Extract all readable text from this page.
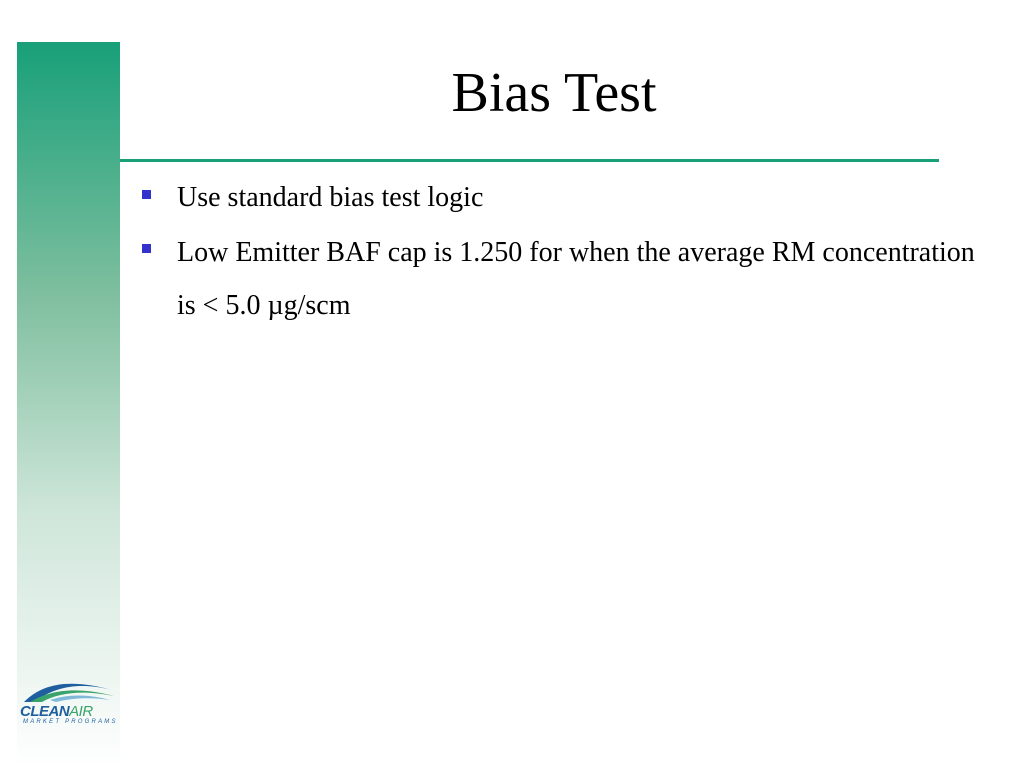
Bias Test
Use standard bias test logic
Low Emitter BAF cap is 1.250 for when the average RM concentration is < 5.0 µg/scm
CLEANAIR
MARKET PROGRAMS
